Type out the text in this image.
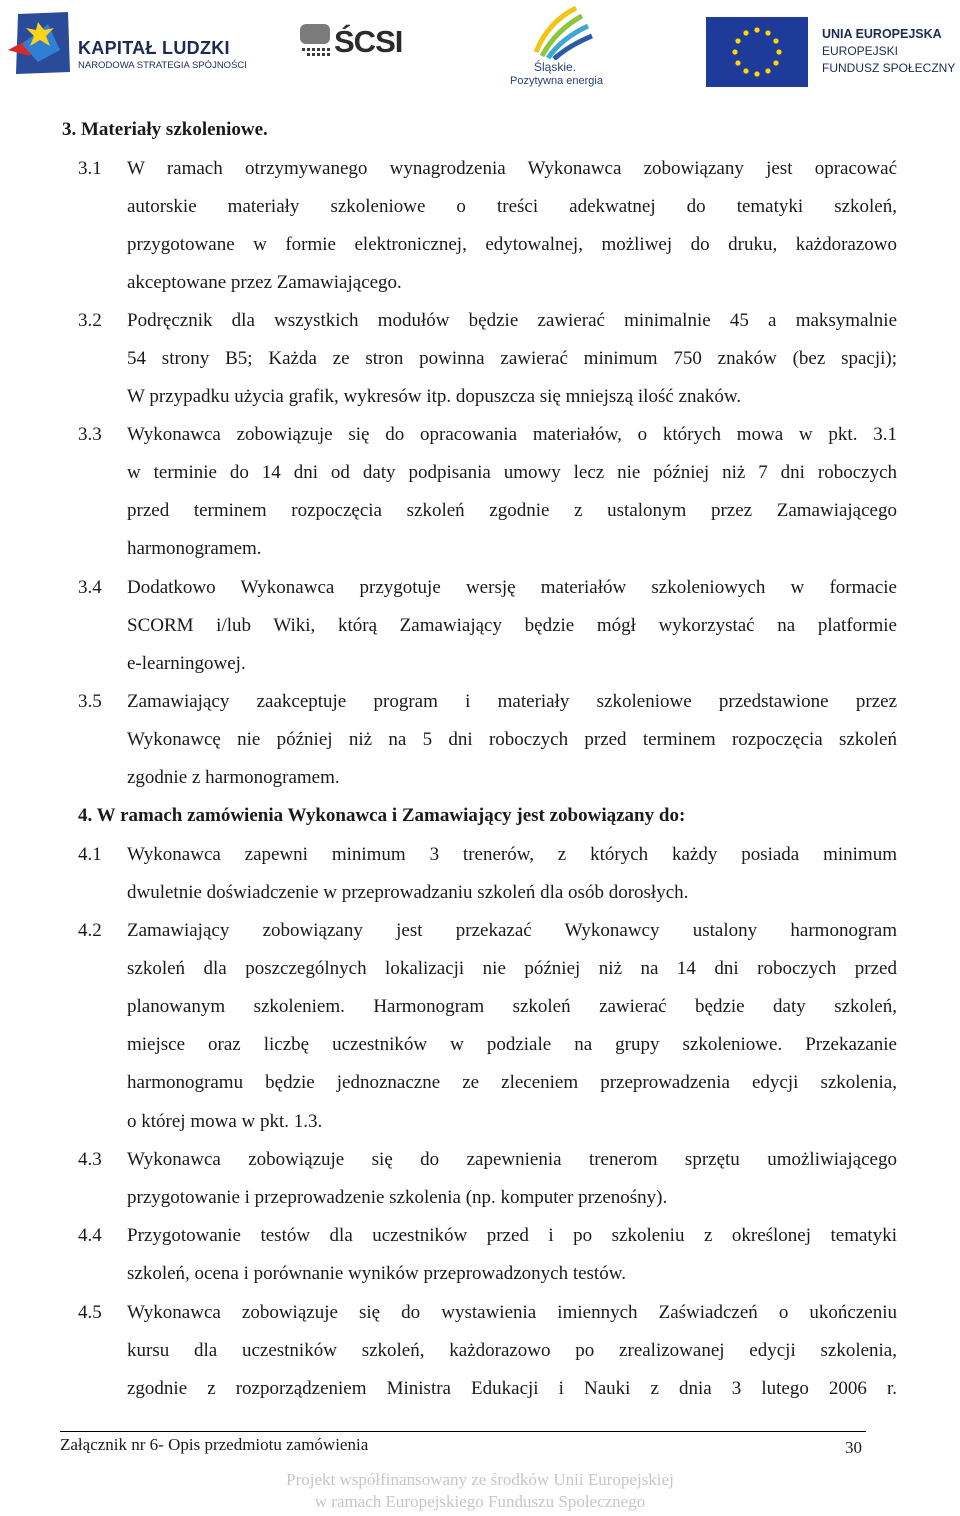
KAPITAŁ LUDZKI
NARODOWA STRATEGIA SPÓJNOŚCI
ŚCSI
Śląskie.
Pozytywna energia
UNIA EUROPEJSKA
EUROPEJSKI
FUNDUSZ SPOŁECZNY
3. Materiały szkoleniowe.
3.1 W ramach otrzymywanego wynagrodzenia Wykonawca zobowiązany jest opracować
autorskie materiały szkoleniowe o treści adekwatnej do tematyki szkoleń,
przygotowane w formie elektronicznej, edytowalnej, możliwej do druku, każdorazowo
akceptowane przez Zamawiającego.
3.2 Podręcznik dla wszystkich modułów będzie zawierać minimalnie 45 a maksymalnie
54 strony B5; Każda ze stron powinna zawierać minimum 750 znaków (bez spacji);
W przypadku użycia grafik, wykresów itp. dopuszcza się mniejszą ilość znaków.
3.3 Wykonawca zobowiązuje się do opracowania materiałów, o których mowa w pkt. 3.1
w terminie do 14 dni od daty podpisania umowy lecz nie później niż 7 dni roboczych
przed terminem rozpoczęcia szkoleń zgodnie z ustalonym przez Zamawiającego
harmonogramem.
3.4 Dodatkowo Wykonawca przygotuje wersję materiałów szkoleniowych w formacie
SCORM i/lub Wiki, którą Zamawiający będzie mógł wykorzystać na platformie
e-learningowej.
3.5 Zamawiający zaakceptuje program i materiały szkoleniowe przedstawione przez
Wykonawcę nie później niż na 5 dni roboczych przed terminem rozpoczęcia szkoleń
zgodnie z harmonogramem.
4. W ramach zamówienia Wykonawca i Zamawiający jest zobowiązany do:
4.1 Wykonawca zapewni minimum 3 trenerów, z których każdy posiada minimum
dwuletnie doświadczenie w przeprowadzaniu szkoleń dla osób dorosłych.
4.2 Zamawiający zobowiązany jest przekazać Wykonawcy ustalony harmonogram
szkoleń dla poszczególnych lokalizacji nie później niż na 14 dni roboczych przed
planowanym szkoleniem. Harmonogram szkoleń zawierać będzie daty szkoleń,
miejsce oraz liczbę uczestników w podziale na grupy szkoleniowe. Przekazanie
harmonogramu będzie jednoznaczne ze zleceniem przeprowadzenia edycji szkolenia,
o której mowa w pkt. 1.3.
4.3 Wykonawca zobowiązuje się do zapewnienia trenerom sprzętu umożliwiającego
przygotowanie i przeprowadzenie szkolenia (np. komputer przenośny).
4.4 Przygotowanie testów dla uczestników przed i po szkoleniu z określonej tematyki
szkoleń, ocena i porównanie wyników przeprowadzonych testów.
4.5 Wykonawca zobowiązuje się do wystawienia imiennych Zaświadczeń o ukończeniu
kursu dla uczestników szkoleń, każdorazowo po zrealizowanej edycji szkolenia,
zgodnie z rozporządzeniem Ministra Edukacji i Nauki z dnia 3 lutego 2006 r.
Załącznik nr 6- Opis przedmiotu zamówienia	30
Projekt współfinansowany ze środków Unii Europejskiej
w ramach Europejskiego Funduszu Społecznego
